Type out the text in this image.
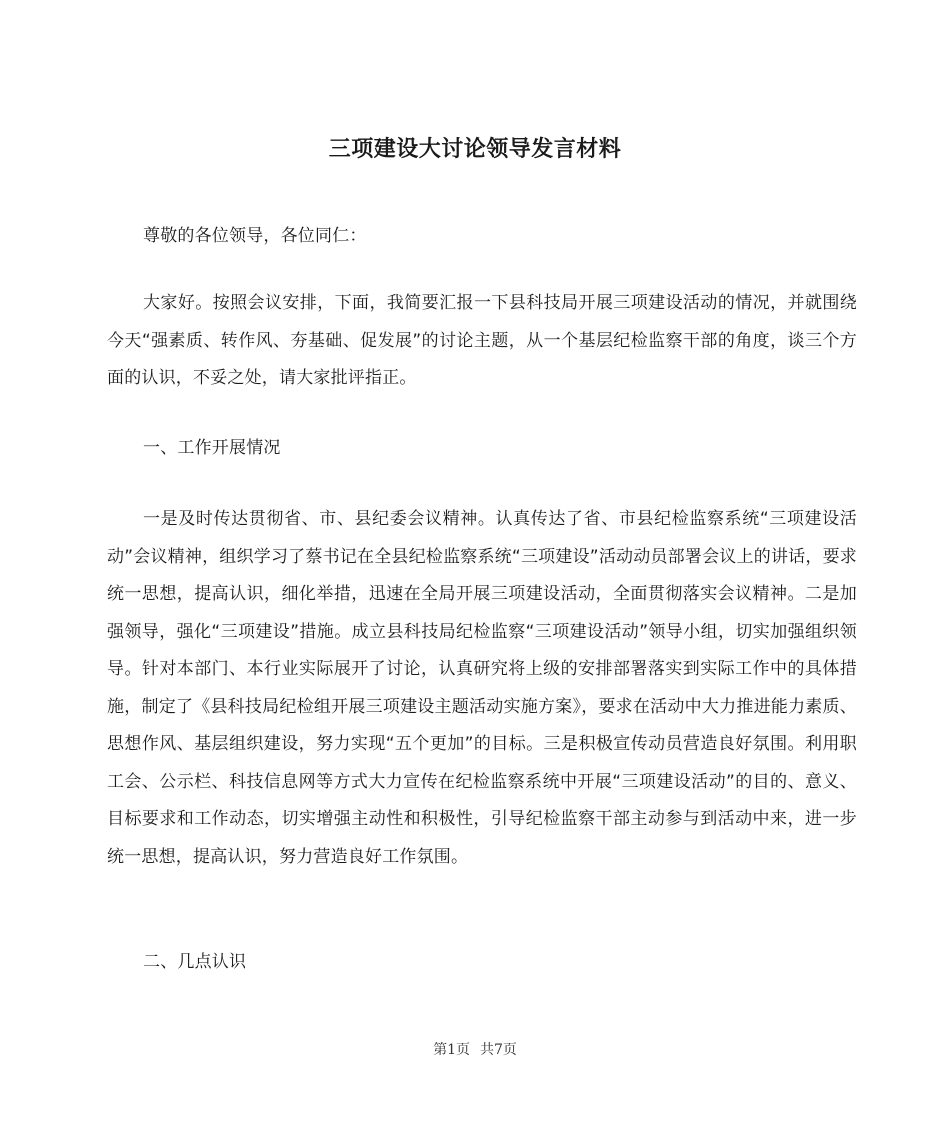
三项建设大讨论领导发言材料

尊敬的各位领导，各位同仁：

大家好。按照会议安排，下面，我简要汇报一下县科技局开展三项建设活动的情况，并就围绕今天“强素质、转作风、夯基础、促发展”的讨论主题，从一个基层纪检监察干部的角度，谈三个方面的认识，不妥之处，请大家批评指正。

一、工作开展情况

一是及时传达贯彻省、市、县纪委会议精神。认真传达了省、市县纪检监察系统“三项建设活动”会议精神，组织学习了蔡书记在全县纪检监察系统“三项建设”活动动员部署会议上的讲话，要求统一思想，提高认识，细化举措，迅速在全局开展三项建设活动，全面贯彻落实会议精神。二是加强领导，强化“三项建设”措施。成立县科技局纪检监察“三项建设活动”领导小组，切实加强组织领导。针对本部门、本行业实际展开了讨论，认真研究将上级的安排部署落实到实际工作中的具体措施，制定了《县科技局纪检组开展三项建设主题活动实施方案》，要求在活动中大力推进能力素质、思想作风、基层组织建设，努力实现“五个更加”的目标。三是积极宣传动员营造良好氛围。利用职工会、公示栏、科技信息网等方式大力宣传在纪检监察系统中开展“三项建设活动”的目的、意义、目标要求和工作动态，切实增强主动性和积极性，引导纪检监察干部主动参与到活动中来，进一步统一思想，提高认识，努力营造良好工作氛围。

二、几点认识

第1页 共7页
